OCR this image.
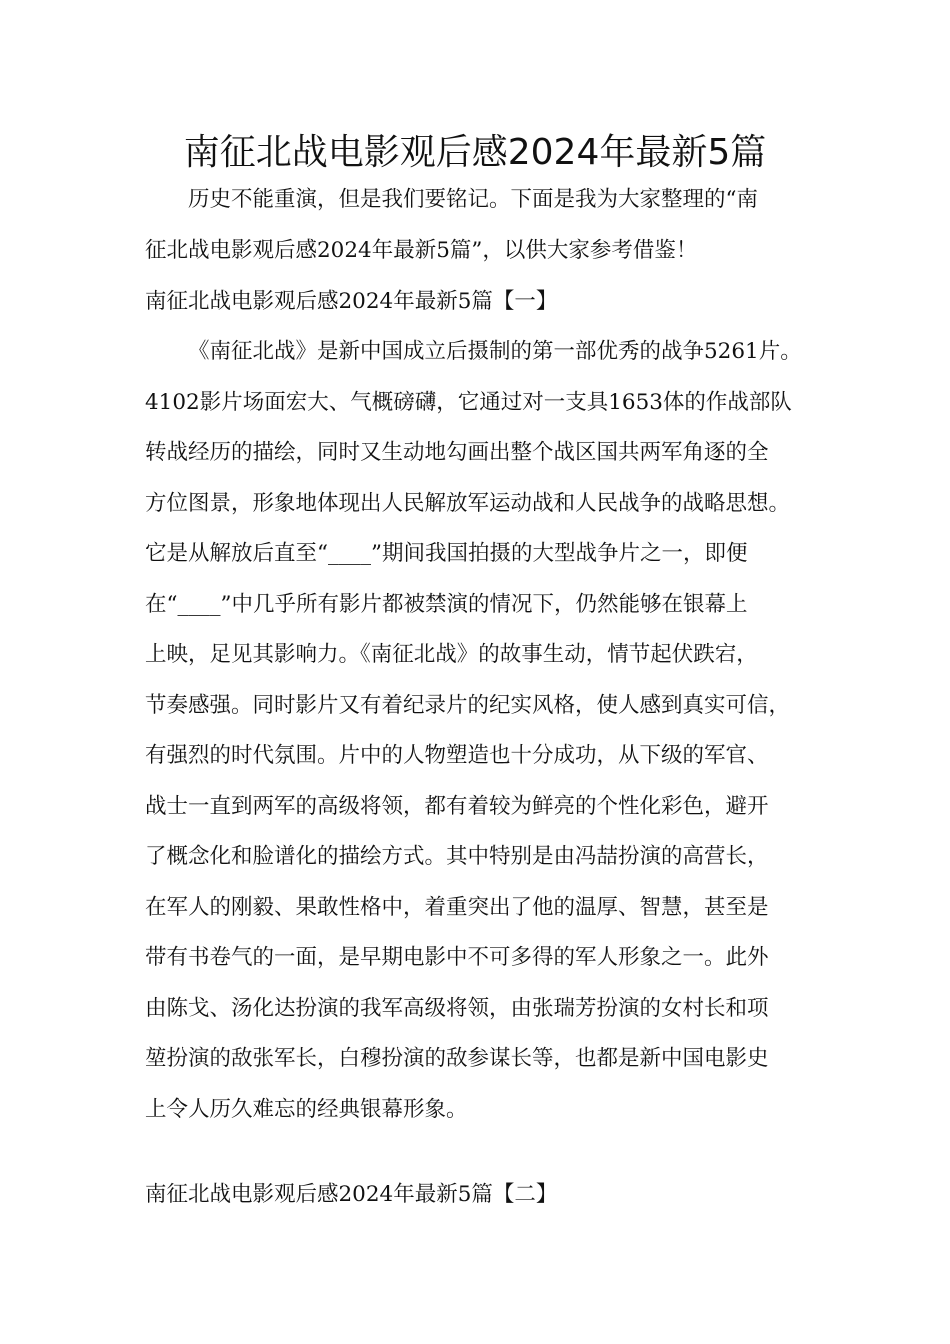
南征北战电影观后感2024年最新5篇
历史不能重演，但是我们要铭记。下面是我为大家整理的“南
征北战电影观后感2024年最新5篇”，以供大家参考借鉴！
南征北战电影观后感2024年最新5篇【一】
《南征北战》是新中国成立后摄制的第一部优秀的战争5261片。
4102影片场面宏大、气概磅礴，它通过对一支具1653体的作战部队
转战经历的描绘，同时又生动地勾画出整个战区国共两军角逐的全
方位图景，形象地体现出人民解放军运动战和人民战争的战略思想。
它是从解放后直至“____”期间我国拍摄的大型战争片之一，即便
在“____”中几乎所有影片都被禁演的情况下，仍然能够在银幕上
上映，足见其影响力。《南征北战》的故事生动，情节起伏跌宕，
节奏感强。同时影片又有着纪录片的纪实风格，使人感到真实可信，
有强烈的时代氛围。片中的人物塑造也十分成功，从下级的军官、
战士一直到两军的高级将领，都有着较为鲜亮的个性化彩色，避开
了概念化和脸谱化的描绘方式。其中特别是由冯喆扮演的高营长，
在军人的刚毅、果敢性格中，着重突出了他的温厚、智慧，甚至是
带有书卷气的一面，是早期电影中不可多得的军人形象之一。此外
由陈戈、汤化达扮演的我军高级将领，由张瑞芳扮演的女村长和项
堃扮演的敌张军长，白穆扮演的敌参谋长等，也都是新中国电影史
上令人历久难忘的经典银幕形象。
南征北战电影观后感2024年最新5篇【二】
